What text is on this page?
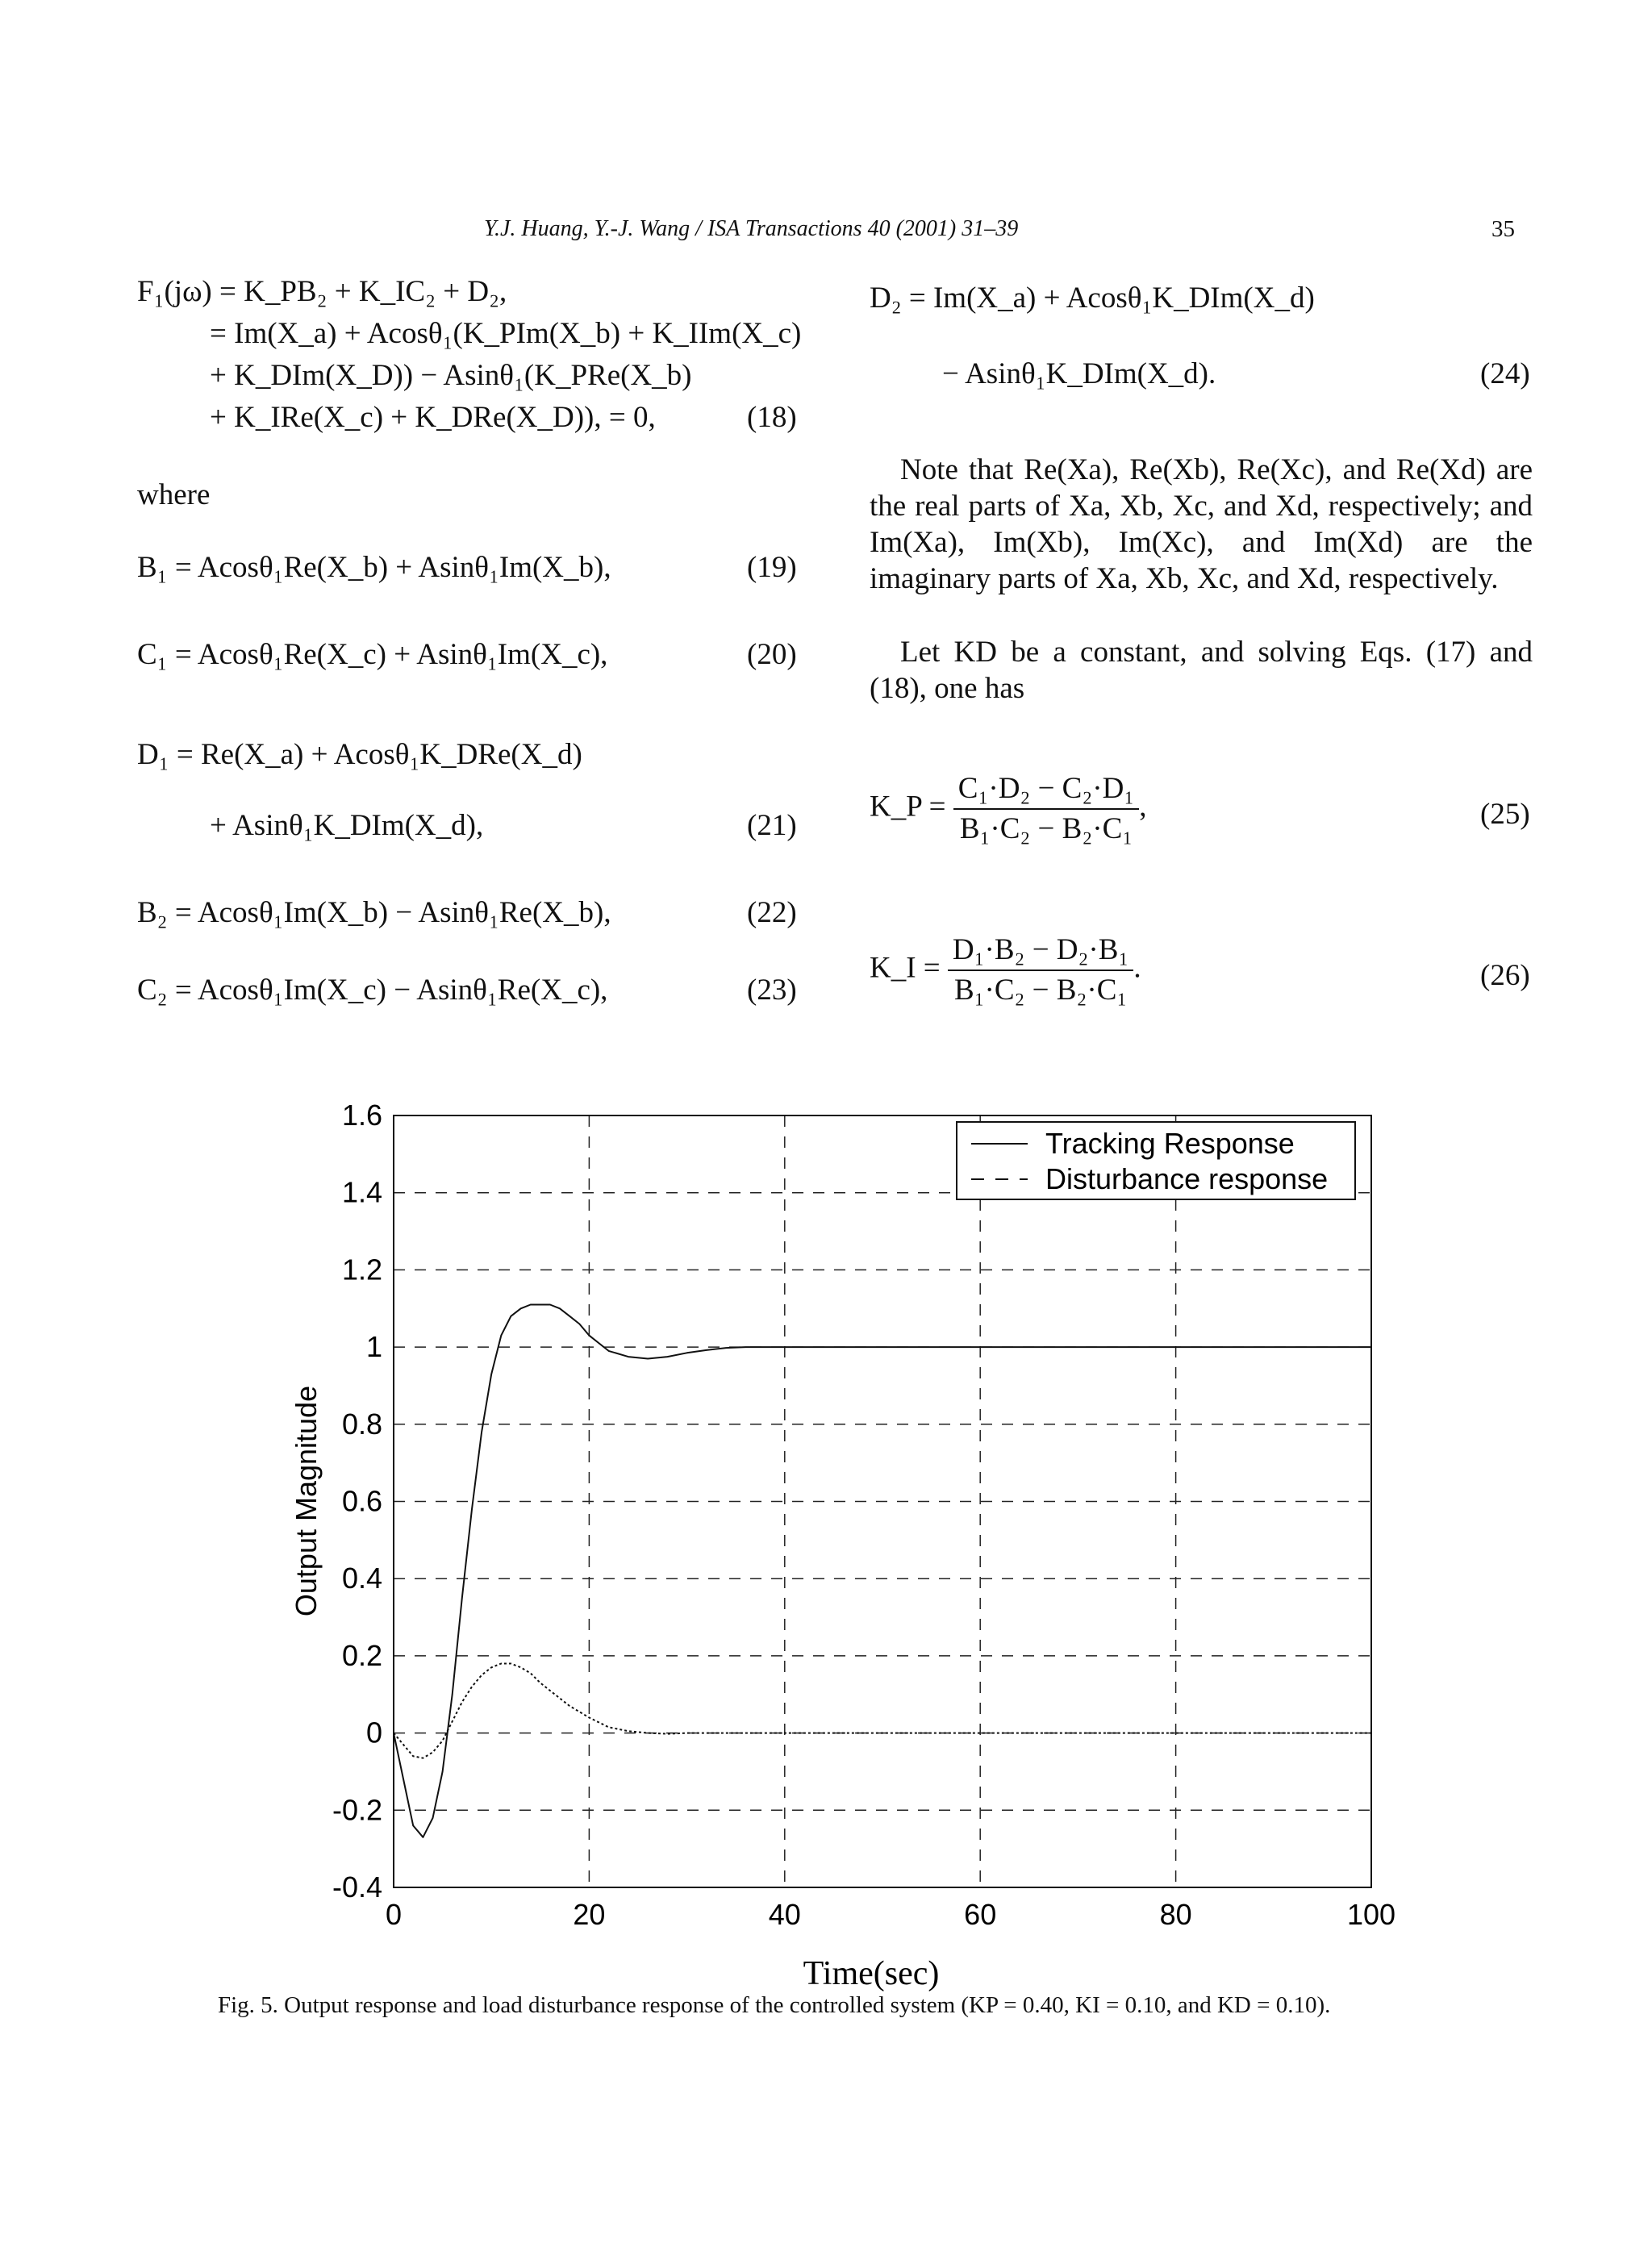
Y.J. Huang, Y.-J. Wang / ISA Transactions 40 (2001) 31–39	35
F₁(jω) = K_PB₂ + K_IC₂ + D₂,
= Im(X_a) + Acosθ₁(K_PIm(X_b) + K_IIm(X_c)
+ K_DIm(X_D)) − Asinθ₁(K_PRe(X_b)
+ K_IRe(X_c) + K_DRe(X_D)), = 0,	(18)
where
B₁ = Acosθ₁Re(X_b) + Asinθ₁Im(X_b),	(19)
C₁ = Acosθ₁Re(X_c) + Asinθ₁Im(X_c),	(20)
D₁ = Re(X_a) + Acosθ₁K_DRe(X_d)
+ Asinθ₁K_DIm(X_d),	(21)
B₂ = Acosθ₁Im(X_b) − Asinθ₁Re(X_b),	(22)
C₂ = Acosθ₁Im(X_c) − Asinθ₁Re(X_c),	(23)
D₂ = Im(X_a) + Acosθ₁K_DIm(X_d)
− Asinθ₁K_DIm(X_d).	(24)

Note that Re(Xa), Re(Xb), Re(Xc), and Re(Xd) are the real parts of Xa, Xb, Xc, and Xd, respectively; and Im(Xa), Im(Xb), Im(Xc), and Im(Xd) are the imaginary parts of Xa, Xb, Xc, and Xd, respectively.

Let KD be a constant, and solving Eqs. (17) and (18), one has

K_P = $\frac{\text{C₁·D₂ − C₂·D₁}}{\text{B₁·C₂ − B₂·C₁}}$ ,	(25)
K_I = $\frac{\text{D₁·B₂ − D₂·B₁}}{\text{B₁·C₂ − B₂·C₁}}$ .	(26)
0	20	40	60	80	100
-0.4
-0.2
0
0.2
0.4
0.6
0.8
1
1.2
1.4
1.6
Time(sec)
Output Magnitude
Tracking Response
Disturbance response
Fig. 5. Output response and load disturbance response of the controlled system (KP = 0.40, KI = 0.10, and KD = 0.10).
